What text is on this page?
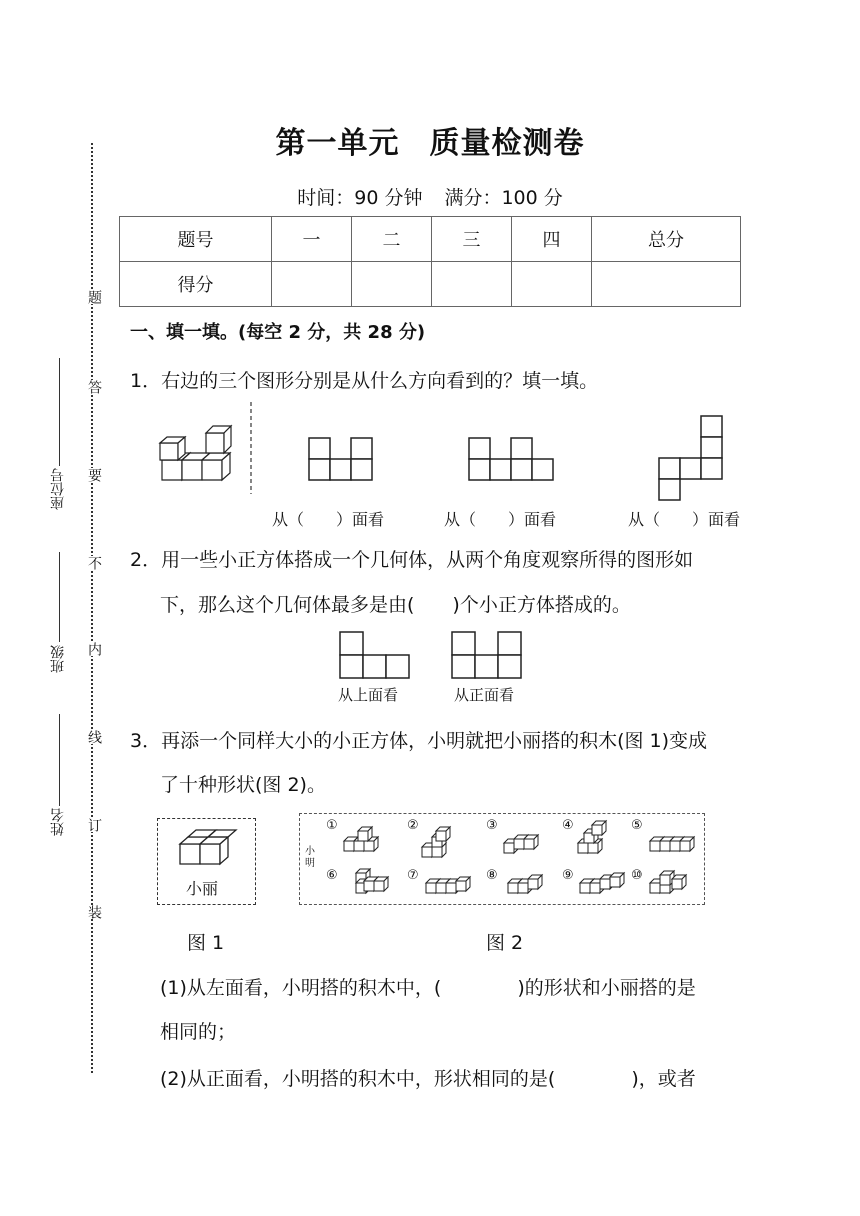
题
答
要
不
内
线
订
装
座位号
班级
姓名
第一单元 质量检测卷
时间：90 分钟 满分：100 分
题号	一	二	三	四	总分
得分					
一、填一填。(每空 2 分，共 28 分)
1．右边的三个图形分别是从什么方向看到的？填一填。
从（　　）面看	从（　　）面看	从（　　）面看
2．用一些小正方体搭成一个几何体，从两个角度观察所得的图形如
下，那么这个几何体最多是由(　　)个小正方体搭成的。
从上面看	从正面看
3．再添一个同样大小的小正方体，小明就把小丽搭的积木(图 1)变成
了十种形状(图 2)。
小丽
小明
①	②	③	④	⑤
⑥	⑦	⑧	⑨	⑩
图 1	图 2
(1)从左面看，小明搭的积木中，(　　　　)的形状和小丽搭的是
相同的；
(2)从正面看，小明搭的积木中，形状相同的是(　　　　)，或者
